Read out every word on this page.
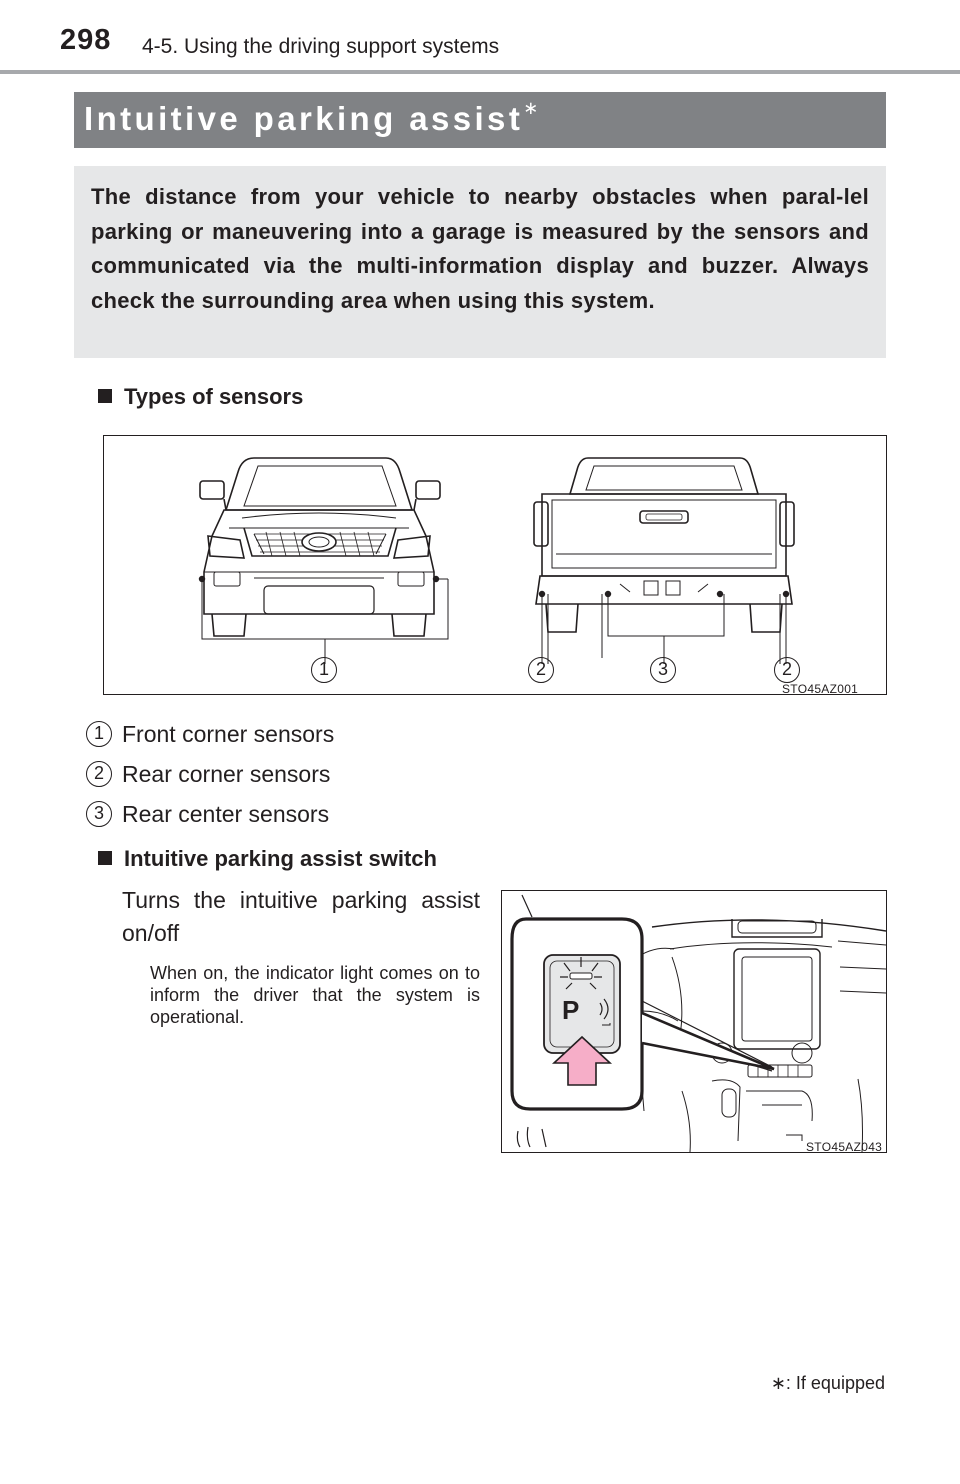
298 4-5. Using the driving support systems
Intuitive parking assist∗
The distance from your vehicle to nearby obstacles when paral-lel parking or maneuvering into a garage is measured by the sensors and communicated via the multi-information display and buzzer. Always check the surrounding area when using this system.
Types of sensors
1	2	3	2
STO45AZ001
1 Front corner sensors
2 Rear corner sensors
3 Rear center sensors
Intuitive parking assist switch
Turns the intuitive parking assist on/off
When on, the indicator light comes on to inform the driver that the system is operational.	P
STO45AZ043
∗: If equipped
